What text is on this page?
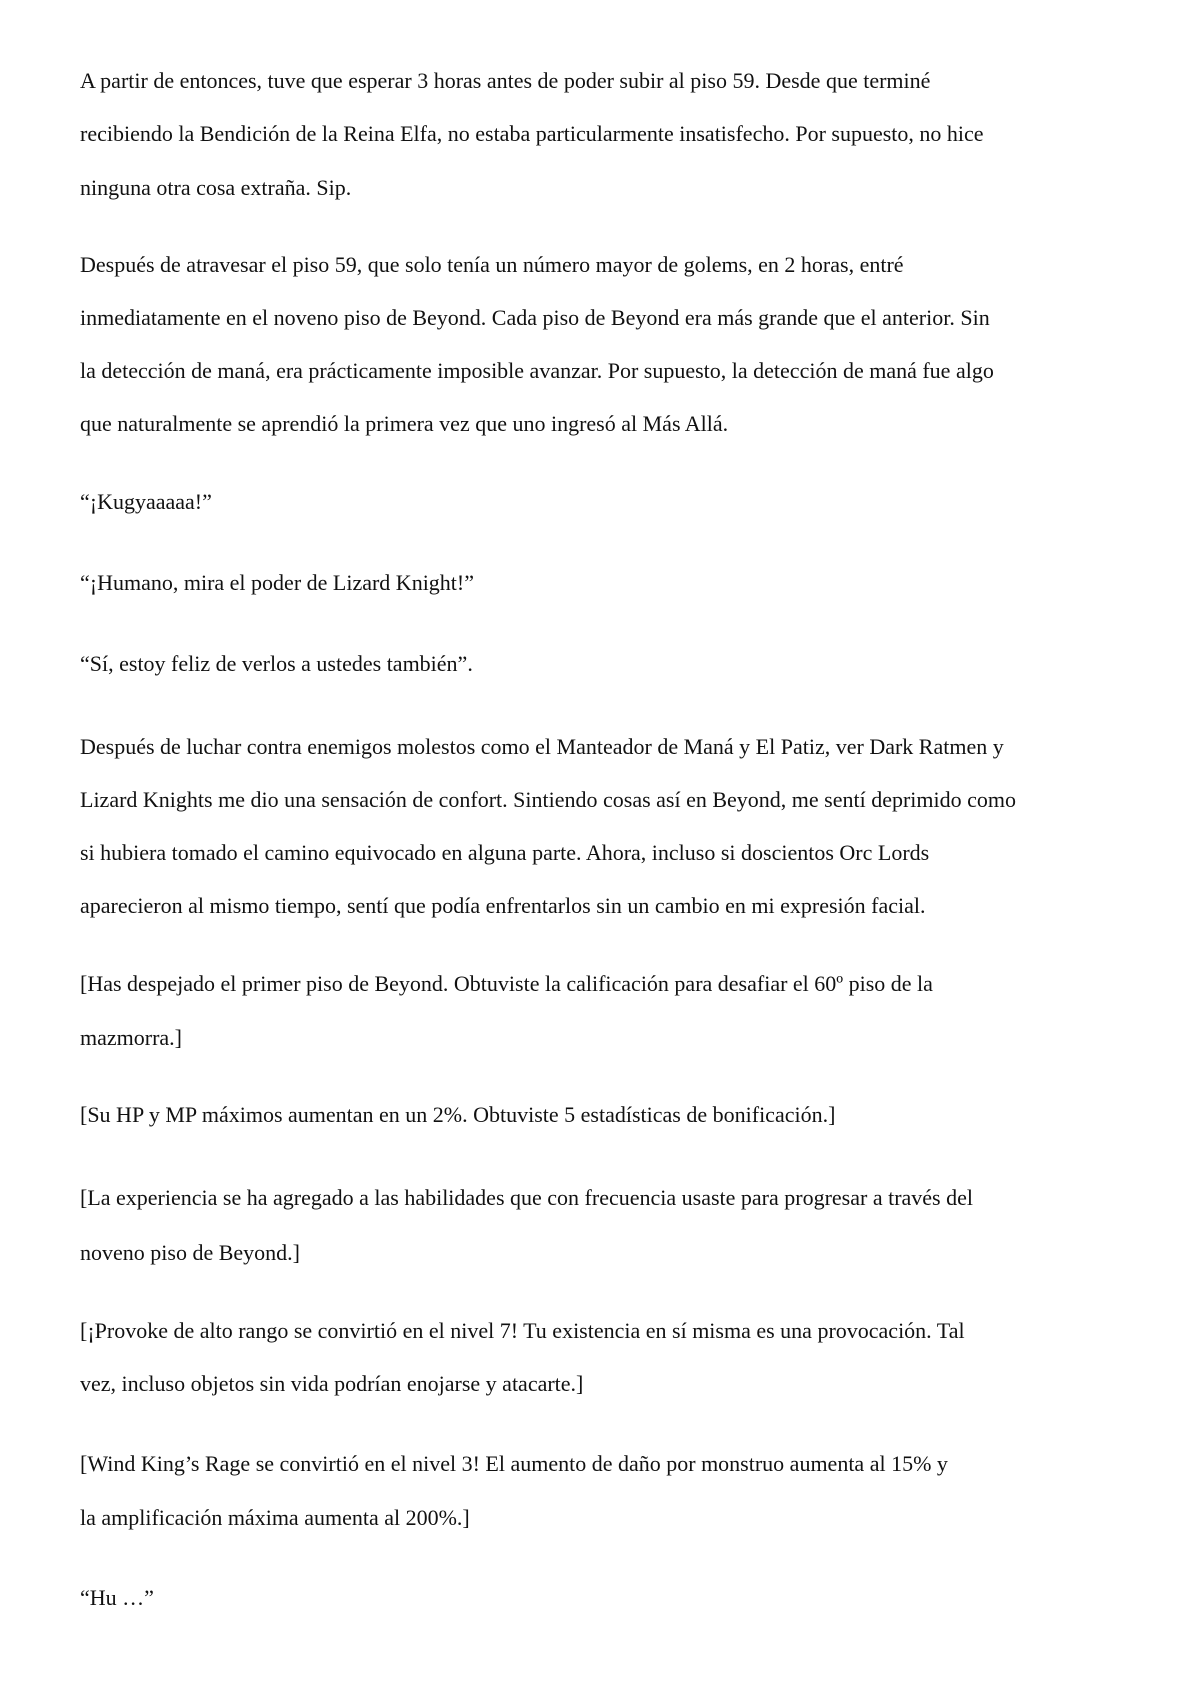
A partir de entonces, tuve que esperar 3 horas antes de poder subir al piso 59. Desde que terminé

recibiendo la Bendición de la Reina Elfa, no estaba particularmente insatisfecho. Por supuesto, no hice

ninguna otra cosa extraña. Sip.

Después de atravesar el piso 59, que solo tenía un número mayor de golems, en 2 horas, entré

inmediatamente en el noveno piso de Beyond. Cada piso de Beyond era más grande que el anterior. Sin

la detección de maná, era prácticamente imposible avanzar. Por supuesto, la detección de maná fue algo

que naturalmente se aprendió la primera vez que uno ingresó al Más Allá.

“¡Kugyaaaaa!”

“¡Humano, mira el poder de Lizard Knight!”

“Sí, estoy feliz de verlos a ustedes también”.

Después de luchar contra enemigos molestos como el Manteador de Maná y El Patiz, ver Dark Ratmen y

Lizard Knights me dio una sensación de confort. Sintiendo cosas así en Beyond, me sentí deprimido como

si hubiera tomado el camino equivocado en alguna parte. Ahora, incluso si doscientos Orc Lords

aparecieron al mismo tiempo, sentí que podía enfrentarlos sin un cambio en mi expresión facial.

[Has despejado el primer piso de Beyond. Obtuviste la calificación para desafiar el 60º piso de la

mazmorra.]

[Su HP y MP máximos aumentan en un 2%. Obtuviste 5 estadísticas de bonificación.]

[La experiencia se ha agregado a las habilidades que con frecuencia usaste para progresar a través del

noveno piso de Beyond.]

[¡Provoke de alto rango se convirtió en el nivel 7! Tu existencia en sí misma es una provocación. Tal

vez, incluso objetos sin vida podrían enojarse y atacarte.]

[Wind King’s Rage se convirtió en el nivel 3! El aumento de daño por monstruo aumenta al 15% y

la amplificación máxima aumenta al 200%.]

“Hu …”
